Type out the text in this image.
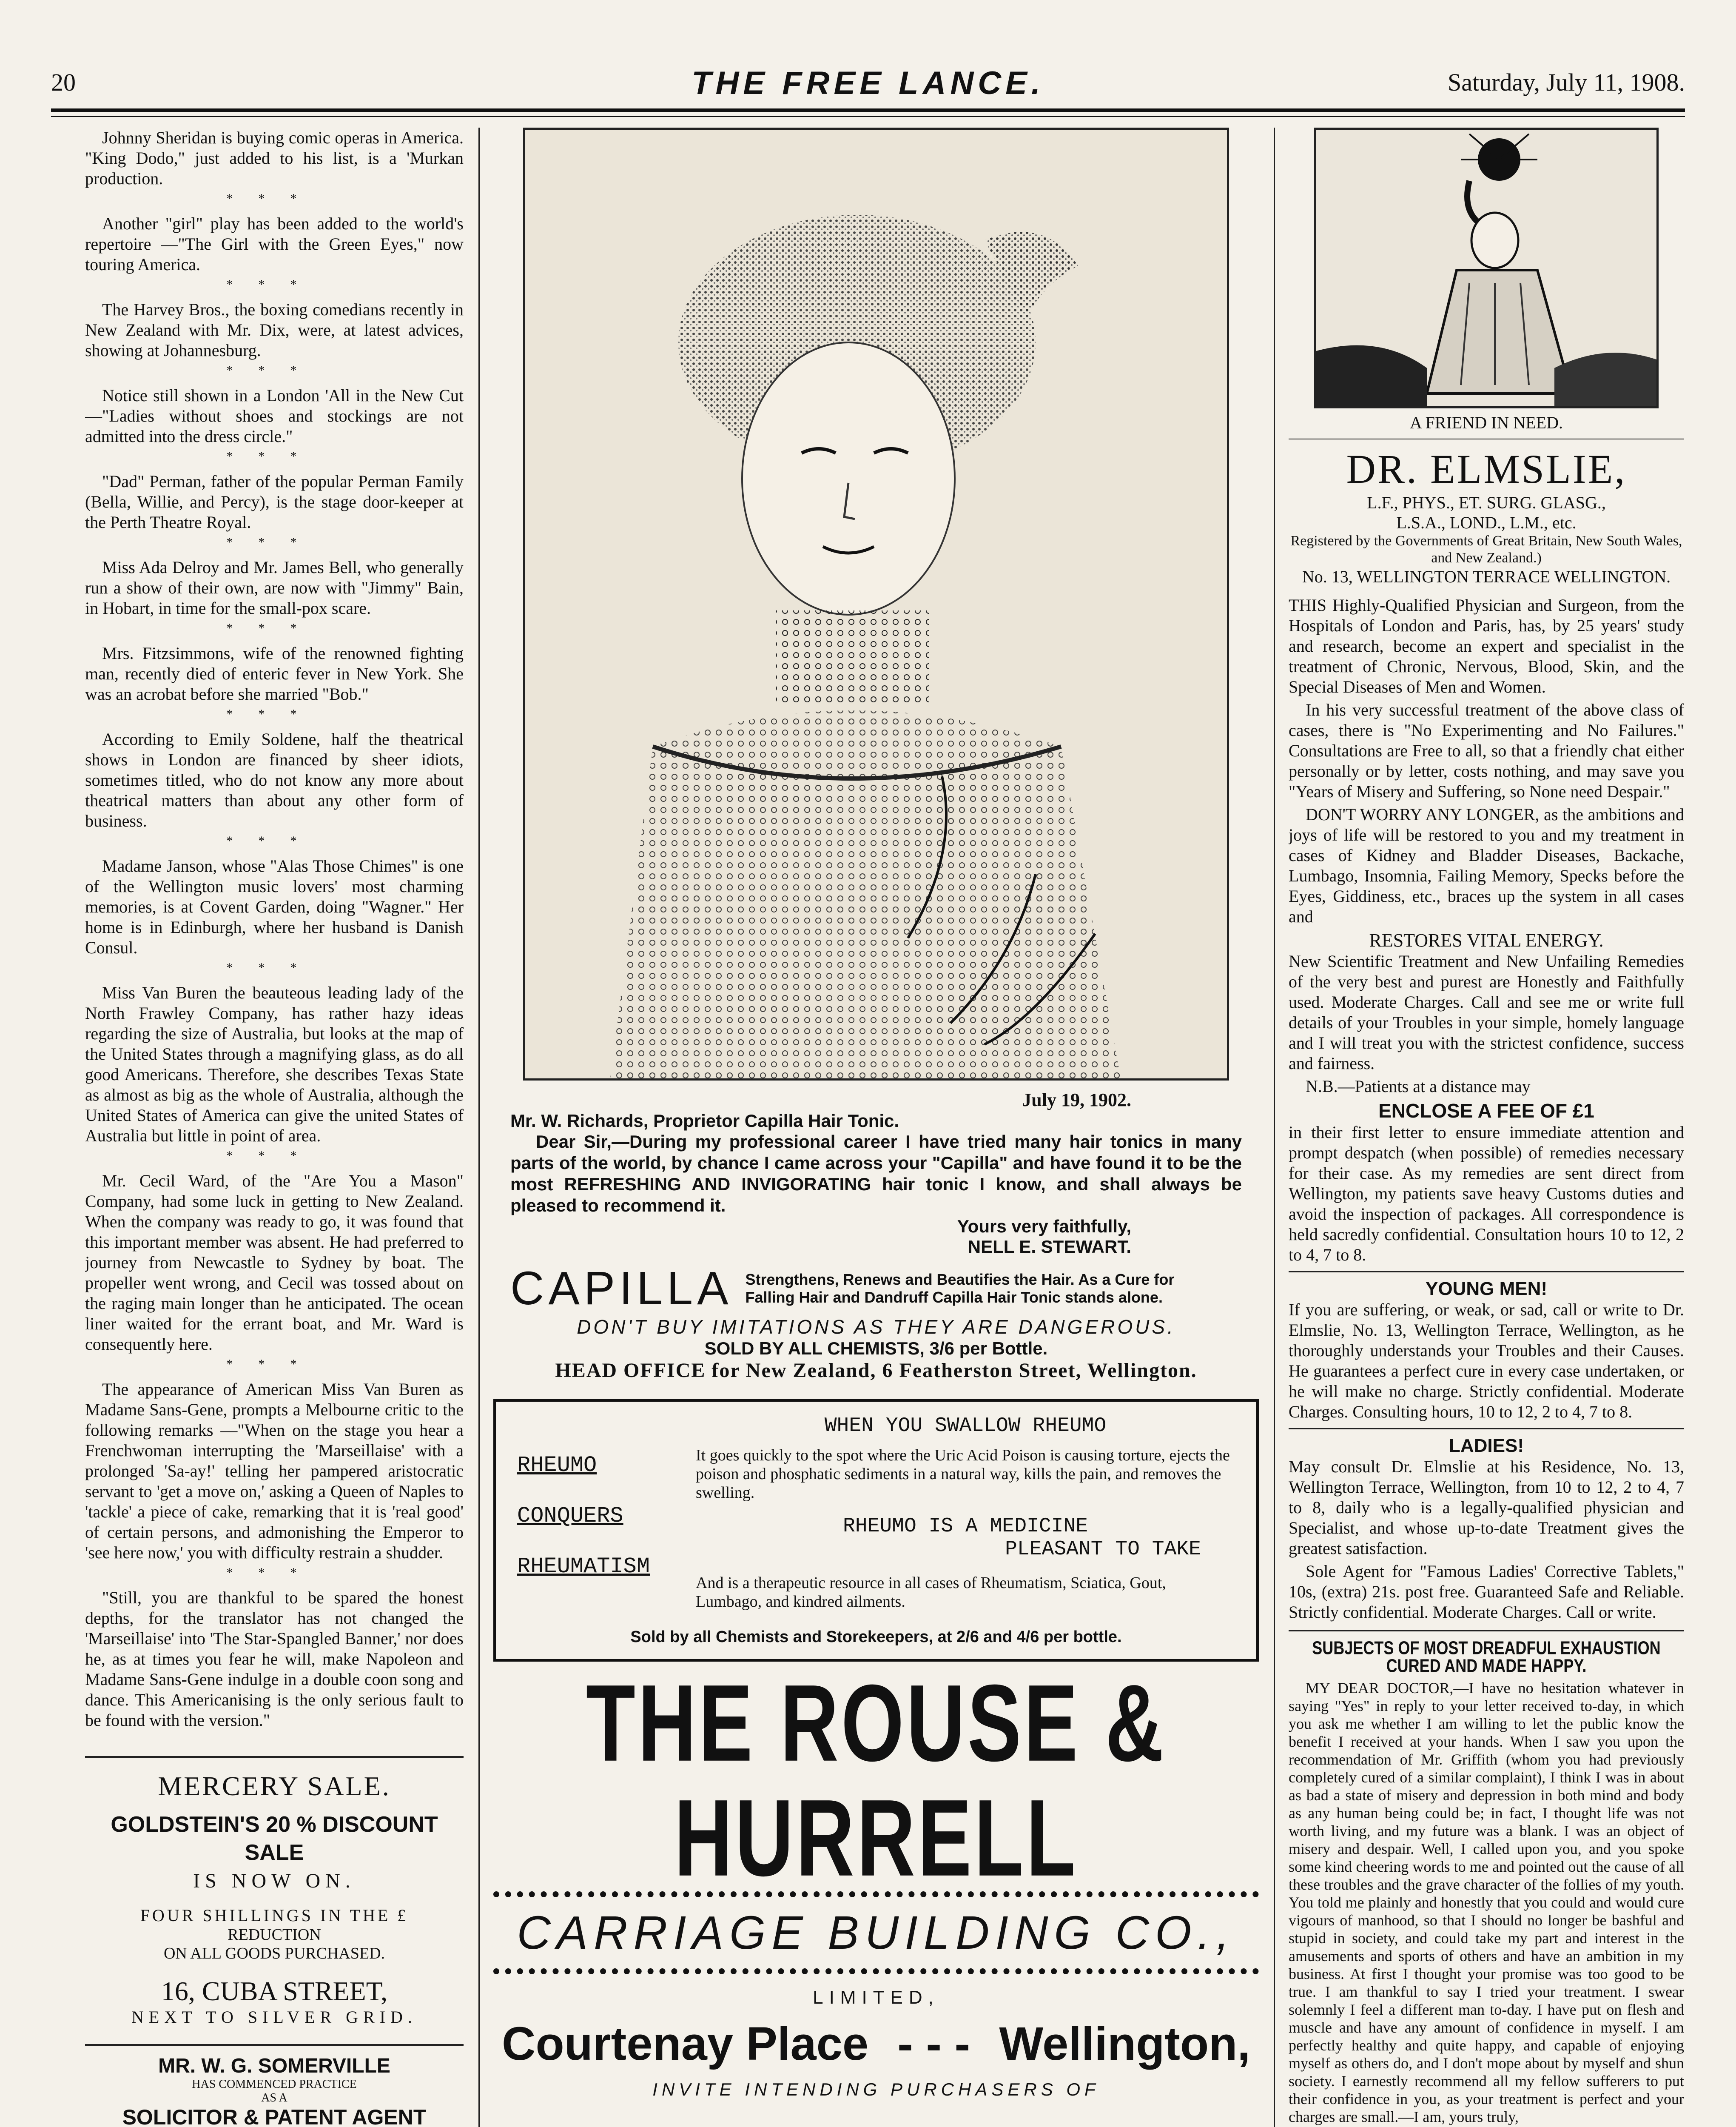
20	THE FREE LANCE.	Saturday, July 11, 1908.

Johnny Sheridan is buying comic operas in America. "King Dodo," just added to his list, is a 'Murkan production.

***

Another "girl" play has been added to the world's repertoire —"The Girl with the Green Eyes," now touring America.

***

The Harvey Bros., the boxing comedians recently in New Zealand with Mr. Dix, were, at latest advices, showing at Johannesburg.

***

Notice still shown in a London 'All in the New Cut —"Ladies without shoes and stockings are not admitted into the dress circle."

***

"Dad" Perman, father of the popular Perman Family (Bella, Willie, and Percy), is the stage door-keeper at the Perth Theatre Royal.

***

Miss Ada Delroy and Mr. James Bell, who generally run a show of their own, are now with "Jimmy" Bain, in Hobart, in time for the small-pox scare.

***

Mrs. Fitzsimmons, wife of the renowned fighting man, recently died of enteric fever in New York. She was an acrobat before she married "Bob."

***

According to Emily Soldene, half the theatrical shows in London are financed by sheer idiots, sometimes titled, who do not know any more about theatrical matters than about any other form of business.

***

Madame Janson, whose "Alas Those Chimes" is one of the Wellington music lovers' most charming memories, is at Covent Garden, doing "Wagner." Her home is in Edinburgh, where her husband is Danish Consul.

***

Miss Van Buren the beauteous leading lady of the North Frawley Company, has rather hazy ideas regarding the size of Australia, but looks at the map of the United States through a magnifying glass, as do all good Americans. Therefore, she describes Texas State as almost as big as the whole of Australia, although the United States of America can give the united States of Australia but little in point of area.

***

Mr. Cecil Ward, of the "Are You a Mason" Company, had some luck in getting to New Zealand. When the company was ready to go, it was found that this important member was absent. He had preferred to journey from Newcastle to Sydney by boat. The propeller went wrong, and Cecil was tossed about on the raging main longer than he anticipated. The ocean liner waited for the errant boat, and Mr. Ward is consequently here.

***

The appearance of American Miss Van Buren as Madame Sans-Gene, prompts a Melbourne critic to the following remarks —"When on the stage you hear a Frenchwoman interrupting the 'Marseillaise' with a prolonged 'Sa-ay!' telling her pampered aristocratic servant to 'get a move on,' asking a Queen of Naples to 'tackle' a piece of cake, remarking that it is 'real good' of certain persons, and admonishing the Emperor to 'see here now,' you with difficulty restrain a shudder.

***

"Still, you are thankful to be spared the honest depths, for the translator has not changed the 'Marseillaise' into 'The Star-Spangled Banner,' nor does he, as at times you fear he will, make Napoleon and Madame Sans-Gene indulge in a double coon song and dance. This Americanising is the only serious fault to be found with the version."

MERCERY SALE.
GOLDSTEIN'S 20 % DISCOUNT
SALE
IS NOW ON.
FOUR SHILLINGS IN THE £
REDUCTION
ON ALL GOODS PURCHASED.
16, CUBA STREET,
NEXT TO SILVER GRID.
MR. W. G. SOMERVILLE
HAS COMMENCED PRACTICE
AS A
SOLICITOR & PATENT AGENT
July 19, 1902.
Mr. W. Richards, Proprietor Capilla Hair Tonic.
Dear Sir,—During my professional career I have tried many hair tonics in many parts of the world, by chance I came across your "Capilla" and have found it to be the most REFRESHING AND INVIGORATING hair tonic I know, and shall always be pleased to recommend it.
Yours very faithfully,
NELL E. STEWART.
CAPILLA Strengthens, Renews and Beautifies the Hair. As a Cure for
Falling Hair and Dandruff Capilla Hair Tonic stands alone.
DON'T BUY IMITATIONS AS THEY ARE DANGEROUS.
SOLD BY ALL CHEMISTS, 3/6 per Bottle.
HEAD OFFICE for New Zealand, 6 Featherston Street, Wellington.
RHEUMO
CONQUERS
RHEUMATISM
WHEN YOU SWALLOW RHEUMO
It goes quickly to the spot where the Uric Acid Poison is causing torture, ejects the poison and phosphatic sediments in a natural way, kills the pain, and removes the swelling.
RHEUMO IS A MEDICINE
PLEASANT TO TAKE
And is a therapeutic resource in all cases of Rheumatism, Sciatica, Gout, Lumbago, and kindred ailments.
Sold by all Chemists and Storekeepers, at 2/6 and 4/6 per bottle.
THE ROUSE & HURRELL
CARRIAGE BUILDING CO.,
LIMITED,
Courtenay Place - - - Wellington,
INVITE INTENDING PURCHASERS OF
A FRIEND IN NEED.
DR. ELMSLIE,
L.F., PHYS., ET. SURG. GLASG.,
L.S.A., LOND., L.M., etc.
Registered by the Governments of Great Britain, New South Wales, and New Zealand.)
No. 13, WELLINGTON TERRACE WELLINGTON.
THIS Highly-Qualified Physician and Surgeon, from the Hospitals of London and Paris, has, by 25 years' study and research, become an expert and specialist in the treatment of Chronic, Nervous, Blood, Skin, and the Special Diseases of Men and Women.
In his very successful treatment of the above class of cases, there is "No Experimenting and No Failures." Consultations are Free to all, so that a friendly chat either personally or by letter, costs nothing, and may save you "Years of Misery and Suffering, so None need Despair."
DON'T WORRY ANY LONGER, as the ambitions and joys of life will be restored to you and my treatment in cases of Kidney and Bladder Diseases, Backache, Lumbago, Insomnia, Failing Memory, Specks before the Eyes, Giddiness, etc., braces up the system in all cases and
RESTORES VITAL ENERGY.
New Scientific Treatment and New Unfailing Remedies of the very best and purest are Honestly and Faithfully used. Moderate Charges. Call and see me or write full details of your Troubles in your simple, homely language and I will treat you with the strictest confidence, success and fairness.
N.B.—Patients at a distance may
ENCLOSE A FEE OF £1
in their first letter to ensure immediate attention and prompt despatch (when possible) of remedies necessary for their case. As my remedies are sent direct from Wellington, my patients save heavy Customs duties and avoid the inspection of packages. All correspondence is held sacredly confidential. Consultation hours 10 to 12, 2 to 4, 7 to 8.
YOUNG MEN!
If you are suffering, or weak, or sad, call or write to Dr. Elmslie, No. 13, Wellington Terrace, Wellington, as he thoroughly understands your Troubles and their Causes. He guarantees a perfect cure in every case undertaken, or he will make no charge. Strictly confidential. Moderate Charges. Consulting hours, 10 to 12, 2 to 4, 7 to 8.
LADIES!
May consult Dr. Elmslie at his Residence, No. 13, Wellington Terrace, Wellington, from 10 to 12, 2 to 4, 7 to 8, daily who is a legally-qualified physician and Specialist, and whose up-to-date Treatment gives the greatest satisfaction.
Sole Agent for "Famous Ladies' Corrective Tablets," 10s, (extra) 21s. post free. Guaranteed Safe and Reliable. Strictly confidential. Moderate Charges. Call or write.
SUBJECTS OF MOST DREADFUL EXHAUSTION
CURED AND MADE HAPPY.
MY DEAR DOCTOR,—I have no hesitation whatever in saying "Yes" in reply to your letter received to-day, in which you ask me whether I am willing to let the public know the benefit I received at your hands. When I saw you upon the recommendation of Mr. Griffith (whom you had previously completely cured of a similar complaint), I think I was in about as bad a state of misery and depression in both mind and body as any human being could be; in fact, I thought life was not worth living, and my future was a blank. I was an object of misery and despair. Well, I called upon you, and you spoke some kind cheering words to me and pointed out the cause of all these troubles and the grave character of the follies of my youth. You told me plainly and honestly that you could and would cure vigours of manhood, so that I should no longer be bashful and stupid in society, and could take my part and interest in the amusements and sports of others and have an ambition in my business. At first I thought your promise was too good to be true. I am thankful to say I tried your treatment. I swear solemnly I feel a different man to-day. I have put on flesh and muscle and have any amount of confidence in myself. I am perfectly healthy and quite happy, and capable of enjoying myself as others do, and I don't mope about by myself and shun society. I earnestly recommend all my fellow sufferers to put their confidence in you, as your treatment is perfect and your charges are small.—I am, yours truly,
